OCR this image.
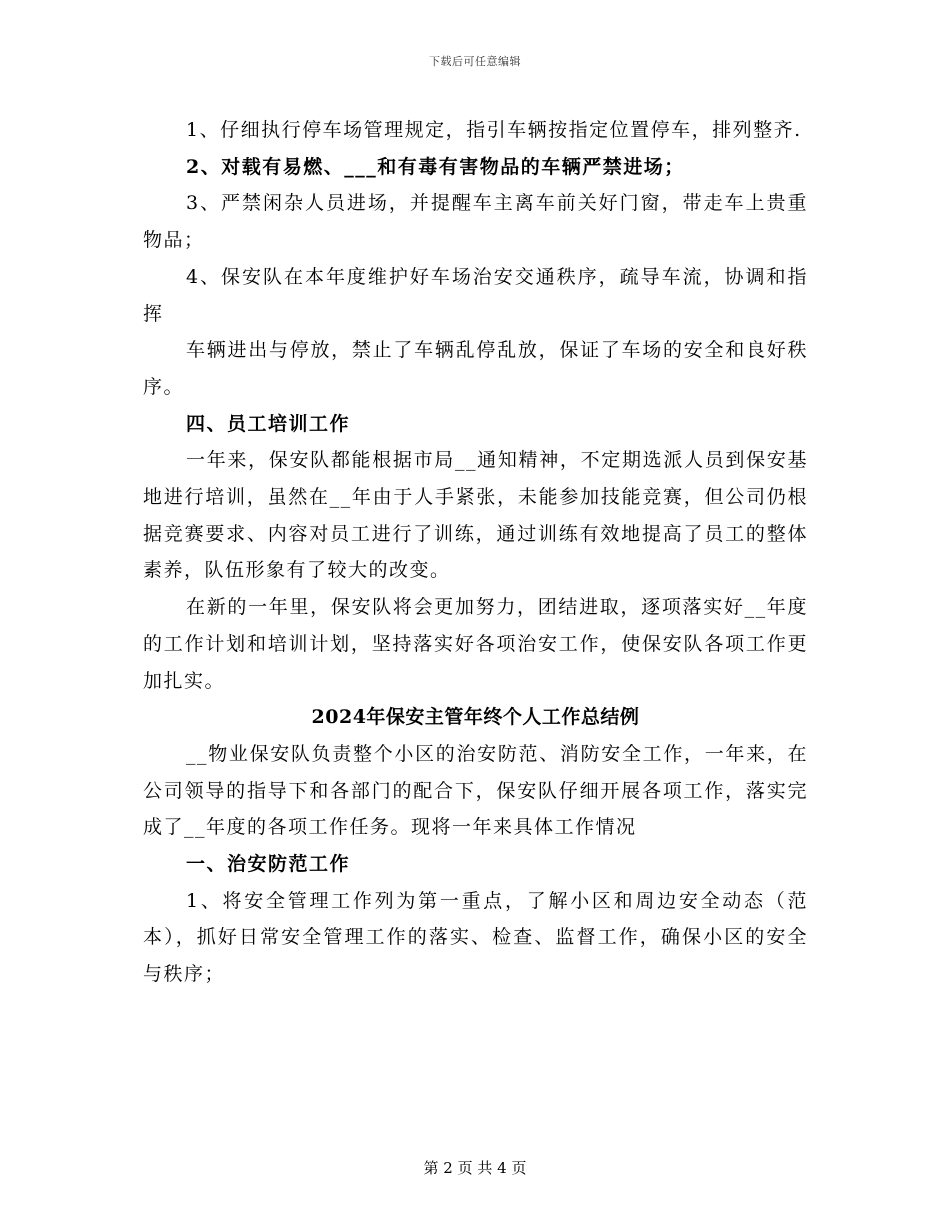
下载后可任意编辑

1、仔细执行停车场管理规定，指引车辆按指定位置停车，排列整齐.

2、对载有易燃、___和有毒有害物品的车辆严禁进场；

3、严禁闲杂人员进场，并提醒车主离车前关好门窗，带走车上贵重物品；

4、保安队在本年度维护好车场治安交通秩序，疏导车流，协调和指挥

车辆进出与停放，禁止了车辆乱停乱放，保证了车场的安全和良好秩序。

四、员工培训工作

一年来，保安队都能根据市局__通知精神，不定期选派人员到保安基地进行培训，虽然在__年由于人手紧张，未能参加技能竞赛，但公司仍根据竞赛要求、内容对员工进行了训练，通过训练有效地提高了员工的整体素养，队伍形象有了较大的改变。

在新的一年里，保安队将会更加努力，团结进取，逐项落实好__年度的工作计划和培训计划，坚持落实好各项治安工作，使保安队各项工作更加扎实。

2024年保安主管年终个人工作总结例

__物业保安队负责整个小区的治安防范、消防安全工作，一年来，在公司领导的指导下和各部门的配合下，保安队仔细开展各项工作，落实完成了__年度的各项工作任务。现将一年来具体工作情况

一、治安防范工作

1、将安全管理工作列为第一重点，了解小区和周边安全动态（范本），抓好日常安全管理工作的落实、检查、监督工作，确保小区的安全与秩序；

第 2 页 共 4 页
